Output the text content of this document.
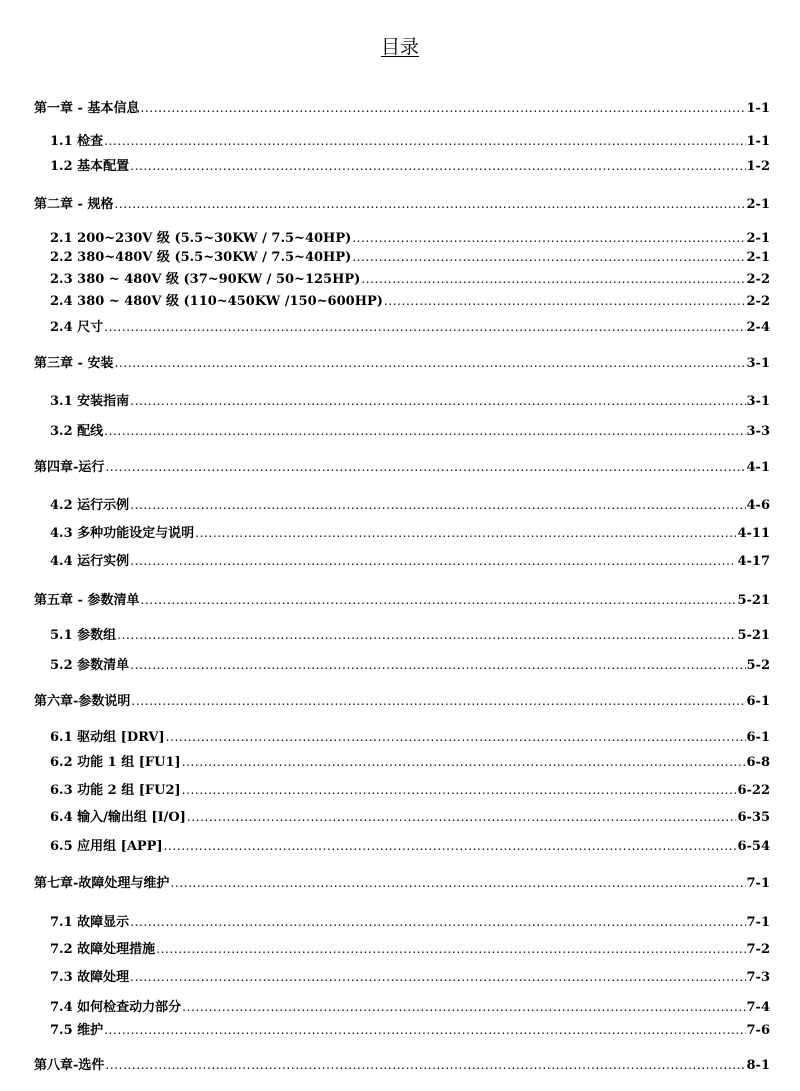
目录
第一章 - 基本信息 .....	1-1
1.1 检查 .....	1-1
1.2 基本配置 .....	1-2
第二章 - 规格 .....	2-1
2.1 200~230V 级 (5.5~30KW / 7.5~40HP) .....	2-1
2.2 380~480V 级 (5.5~30KW / 7.5~40HP) .....	2-1
2.3 380 ~ 480V 级 (37~90KW / 50~125HP) .....	2-2
2.4 380 ~ 480V 级 (110~450KW /150~600HP) .....	2-2
2.4 尺寸 .....	2-4
第三章 - 安装 .....	3-1
3.1 安装指南 .....	3-1
3.2 配线 .....	3-3
第四章-运行 .....	4-1
4.2 运行示例 .....	4-6
4.3 多种功能设定与说明 .....	4-11
4.4 运行实例 .....	4-17
第五章 - 参数清单 .....	5-21
5.1 参数组 .....	5-21
5.2 参数清单 .....	5-2
第六章-参数说明 .....	6-1
6.1 驱动组 [DRV] .....	6-1
6.2 功能 1 组 [FU1] .....	6-8
6.3 功能 2 组 [FU2] .....	6-22
6.4 输入/输出组 [I/O] .....	6-35
6.5 应用组 [APP] .....	6-54
第七章-故障处理与维护 .....	7-1
7.1 故障显示 .....	7-1
7.2 故障处理措施 .....	7-2
7.3 故障处理 .....	7-3
7.4 如何检查动力部分 .....	7-4
7.5 维护 .....	7-6
第八章-选件 .....	8-1
